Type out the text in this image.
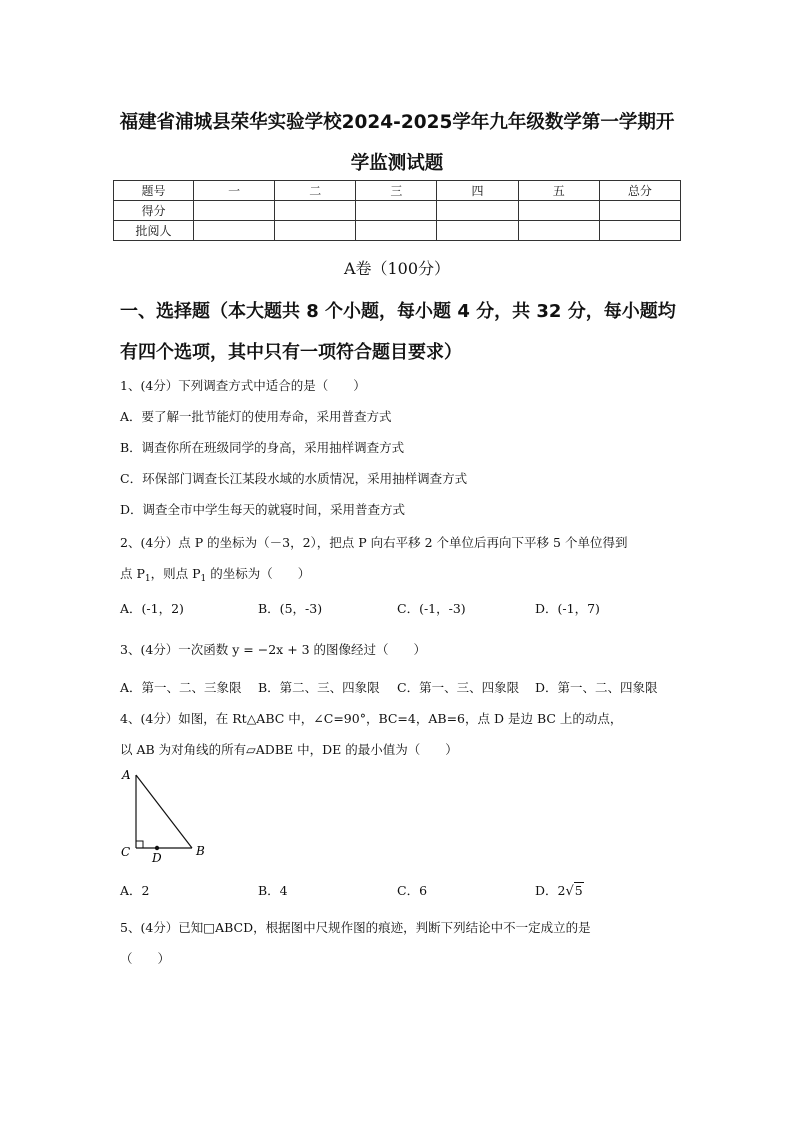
福建省浦城县荣华实验学校2024-2025学年九年级数学第一学期开
学监测试题
题号	一	二	三	四	五	总分
得分						
批阅人						
A卷（100分）
一、选择题（本大题共 8 个小题，每小题 4 分，共 32 分，每小题均
有四个选项，其中只有一项符合题目要求）
1、(4分）下列调查方式中适合的是（　　）
A．要了解一批节能灯的使用寿命，采用普查方式
B．调查你所在班级同学的身高，采用抽样调查方式
C．环保部门调查长江某段水域的水质情况，采用抽样调查方式
D．调查全市中学生每天的就寝时间，采用普查方式
2、(4分）点 P 的坐标为（－3，2），把点 P 向右平移 2 个单位后再向下平移 5 个单位得到
点 $P_1$，则点 $P_1$ 的坐标为（　　）
A．(-1，2)	B．(5，-3)	C．(-1，-3)	D．(-1，7)
3、(4分）一次函数 y = −2x + 3 的图像经过（　　）
A．第一、二、三象限 B．第二、三、四象限 C．第一、三、四象限 D．第一、二、四象限
4、(4分）如图，在 Rt△ABC 中，∠C=90°，BC=4，AB=6，点 D 是边 BC 上的动点，
以 AB 为对角线的所有▱ADBE 中，DE 的最小值为（　　）
A
C D	B
A．2	B．4	C．6	D．2√5
5、(4分）已知□ABCD，根据图中尺规作图的痕迹，判断下列结论中不一定成立的是
（　　）
